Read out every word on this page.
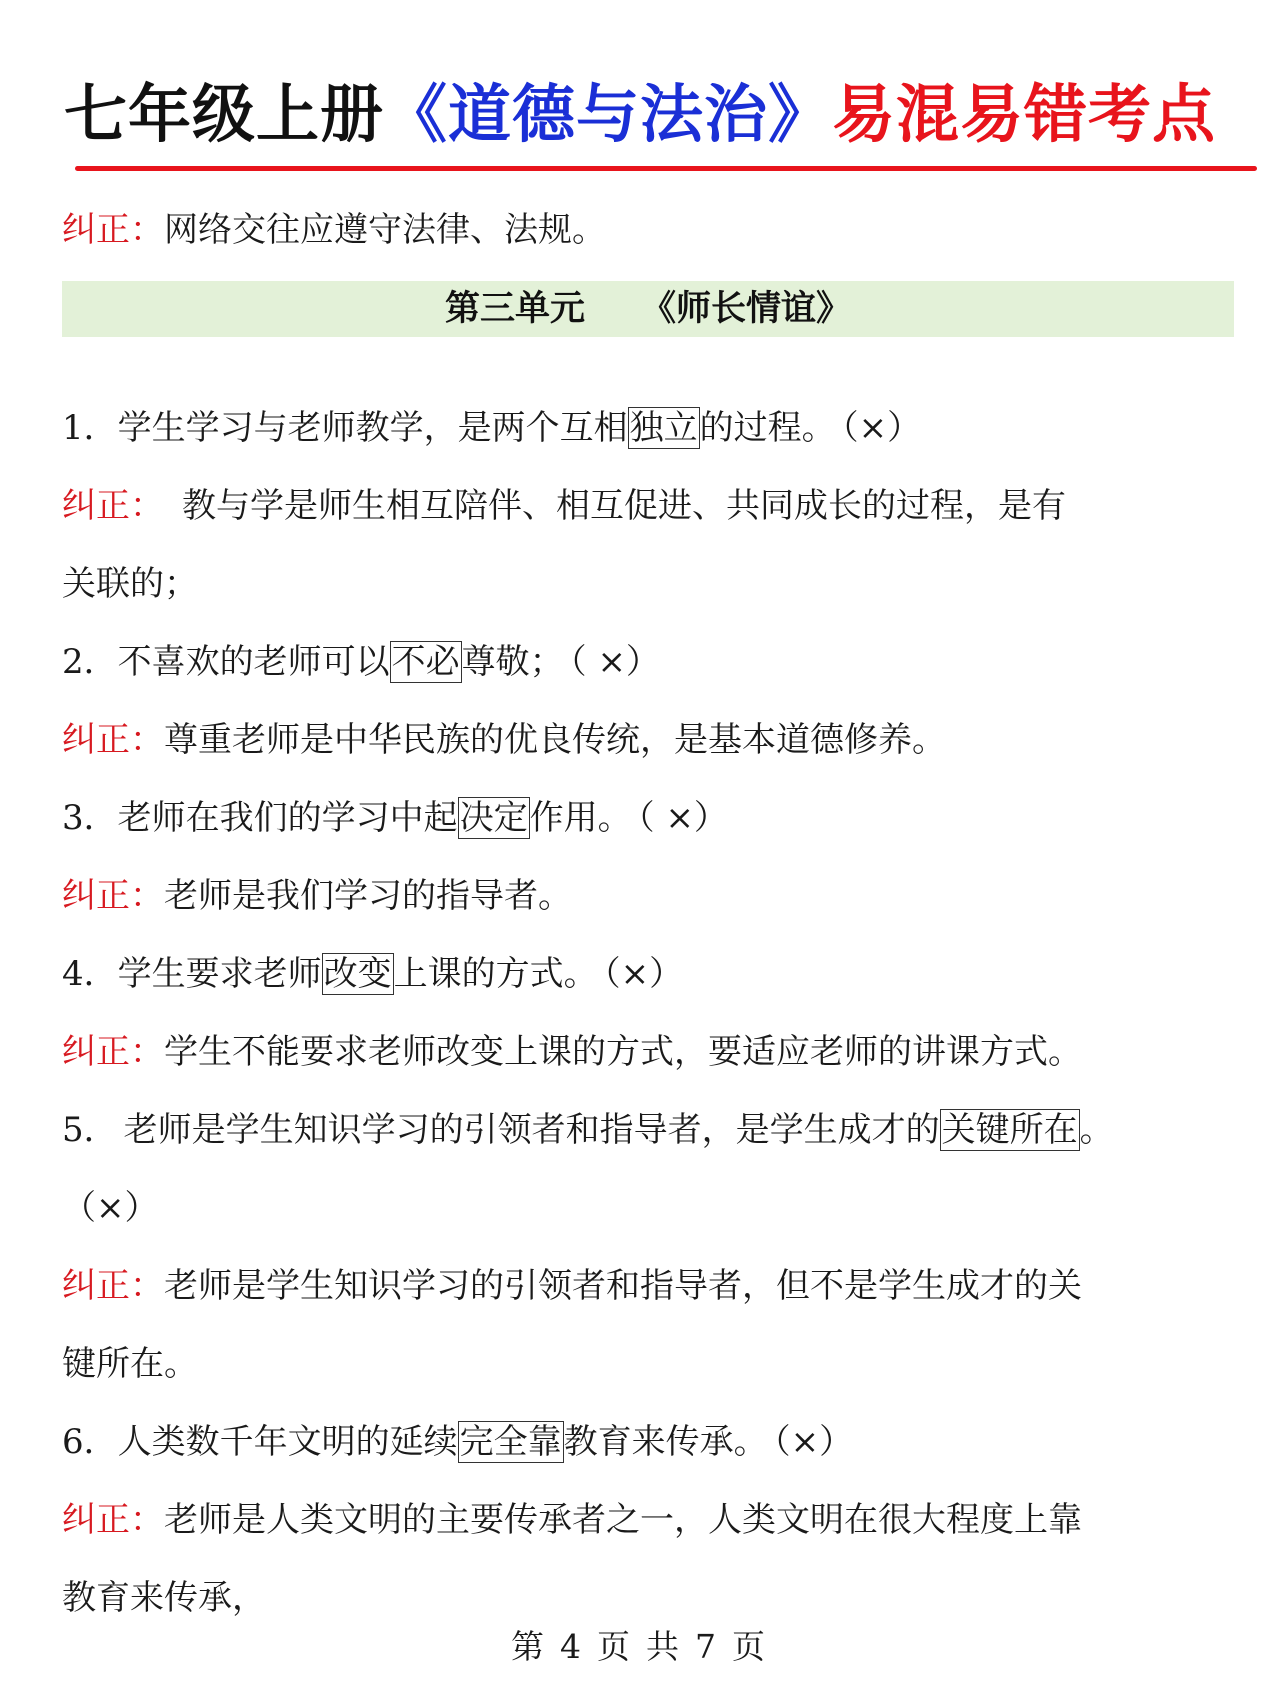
七年级上册《道德与法治》易混易错考点
纠正：网络交往应遵守法律、法规。
第三单元 《师长情谊》
1．学生学习与老师教学，是两个互相独立的过程。 （×）
纠正： 教与学是师生相互陪伴、相互促进、共同成长的过程，是有
关联的；
2．不喜欢的老师可以不必尊敬； （ ×）
纠正：尊重老师是中华民族的优良传统，是基本道德修养。
3．老师在我们的学习中起决定作用。 （ ×）
纠正：老师是我们学习的指导者。
4．学生要求老师改变上课的方式。 （×）
纠正：学生不能要求老师改变上课的方式，要适应老师的讲课方式。
5． 老师是学生知识学习的引领者和指导者，是学生成才的关键所在。
（×）
纠正：老师是学生知识学习的引领者和指导者，但不是学生成才的关
键所在。
6．人类数千年文明的延续完全靠教育来传承。 （×）
纠正：老师是人类文明的主要传承者之一，人类文明在很大程度上靠
教育来传承，
第 4 页 共 7 页
